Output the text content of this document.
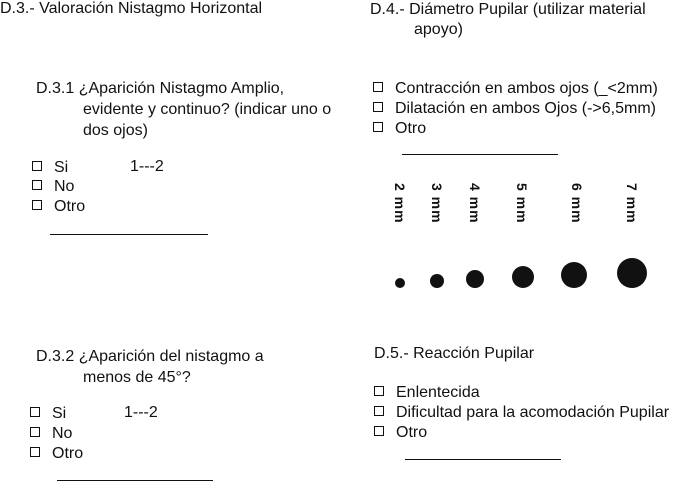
D.3.- Valoración Nistagmo Horizontal
D.3.1 ¿Aparición Nistagmo Amplio,
evidente y continuo? (indicar uno o
dos ojos)
Si	1---2
No
Otro
D.3.2 ¿Aparición del nistagmo a
menos de 45°?
Si	1---2
No
Otro
D.4.- Diámetro Pupilar (utilizar material
apoyo)
Contracción en ambos ojos (_<2mm)
Dilatación en ambos Ojos (->6,5mm)
Otro
2 mm 3 mm 4 mm 5 mm	6 mm	7 mm
D.5.- Reacción Pupilar
Enlentecida
Dificultad para la acomodación Pupilar
Otro
